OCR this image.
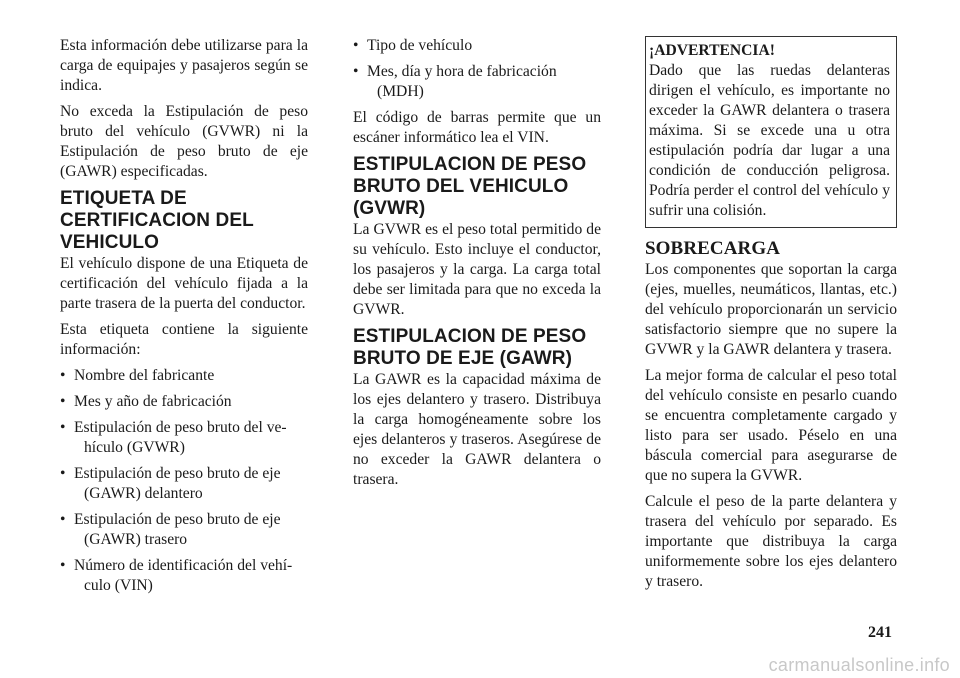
Esta información debe utilizarse para la carga de equipajes y pasajeros según se indica.

No exceda la Estipulación de peso bruto del vehículo (GVWR) ni la Estipulación de peso bruto de eje (GAWR) especificadas.

ETIQUETA DE CERTIFICACION DEL VEHICULO

El vehículo dispone de una Etiqueta de certificación del vehículo fijada a la parte trasera de la puerta del conductor.

Esta etiqueta contiene la siguiente información:

• Nombre del fabricante
• Mes y año de fabricación
• Estipulación de peso bruto del ve-
hículo (GVWR)
• Estipulación de peso bruto de eje
(GAWR) delantero
• Estipulación de peso bruto de eje
(GAWR) trasero
• Número de identificación del vehí-
culo (VIN)
• Tipo de vehículo
• Mes, día y hora de fabricación
(MDH)

El código de barras permite que un escáner informático lea el VIN.

ESTIPULACION DE PESO BRUTO DEL VEHICULO (GVWR)

La GVWR es el peso total permitido de su vehículo. Esto incluye el conductor, los pasajeros y la carga. La carga total debe ser limitada para que no exceda la GVWR.

ESTIPULACION DE PESO BRUTO DE EJE (GAWR)

La GAWR es la capacidad máxima de los ejes delantero y trasero. Distribuya la carga homogéneamente sobre los ejes delanteros y traseros. Asegúrese de no exceder la GAWR delantera o trasera.

¡ADVERTENCIA!

Dado que las ruedas delanteras dirigen el vehículo, es importante no exceder la GAWR delantera o trasera máxima. Si se excede una u otra estipulación podría dar lugar a una condición de conducción peligrosa. Podría perder el control del vehículo y sufrir una colisión.

SOBRECARGA

Los componentes que soportan la carga (ejes, muelles, neumáticos, llantas, etc.) del vehículo proporcionarán un servicio satisfactorio siempre que no supere la GVWR y la GAWR delantera y trasera.

La mejor forma de calcular el peso total del vehículo consiste en pesarlo cuando se encuentra completamente cargado y listo para ser usado. Péselo en una báscula comercial para asegurarse de que no supera la GVWR.

Calcule el peso de la parte delantera y trasera del vehículo por separado. Es importante que distribuya la carga uniformemente sobre los ejes delantero y trasero.

241
carmanualsonline.info
